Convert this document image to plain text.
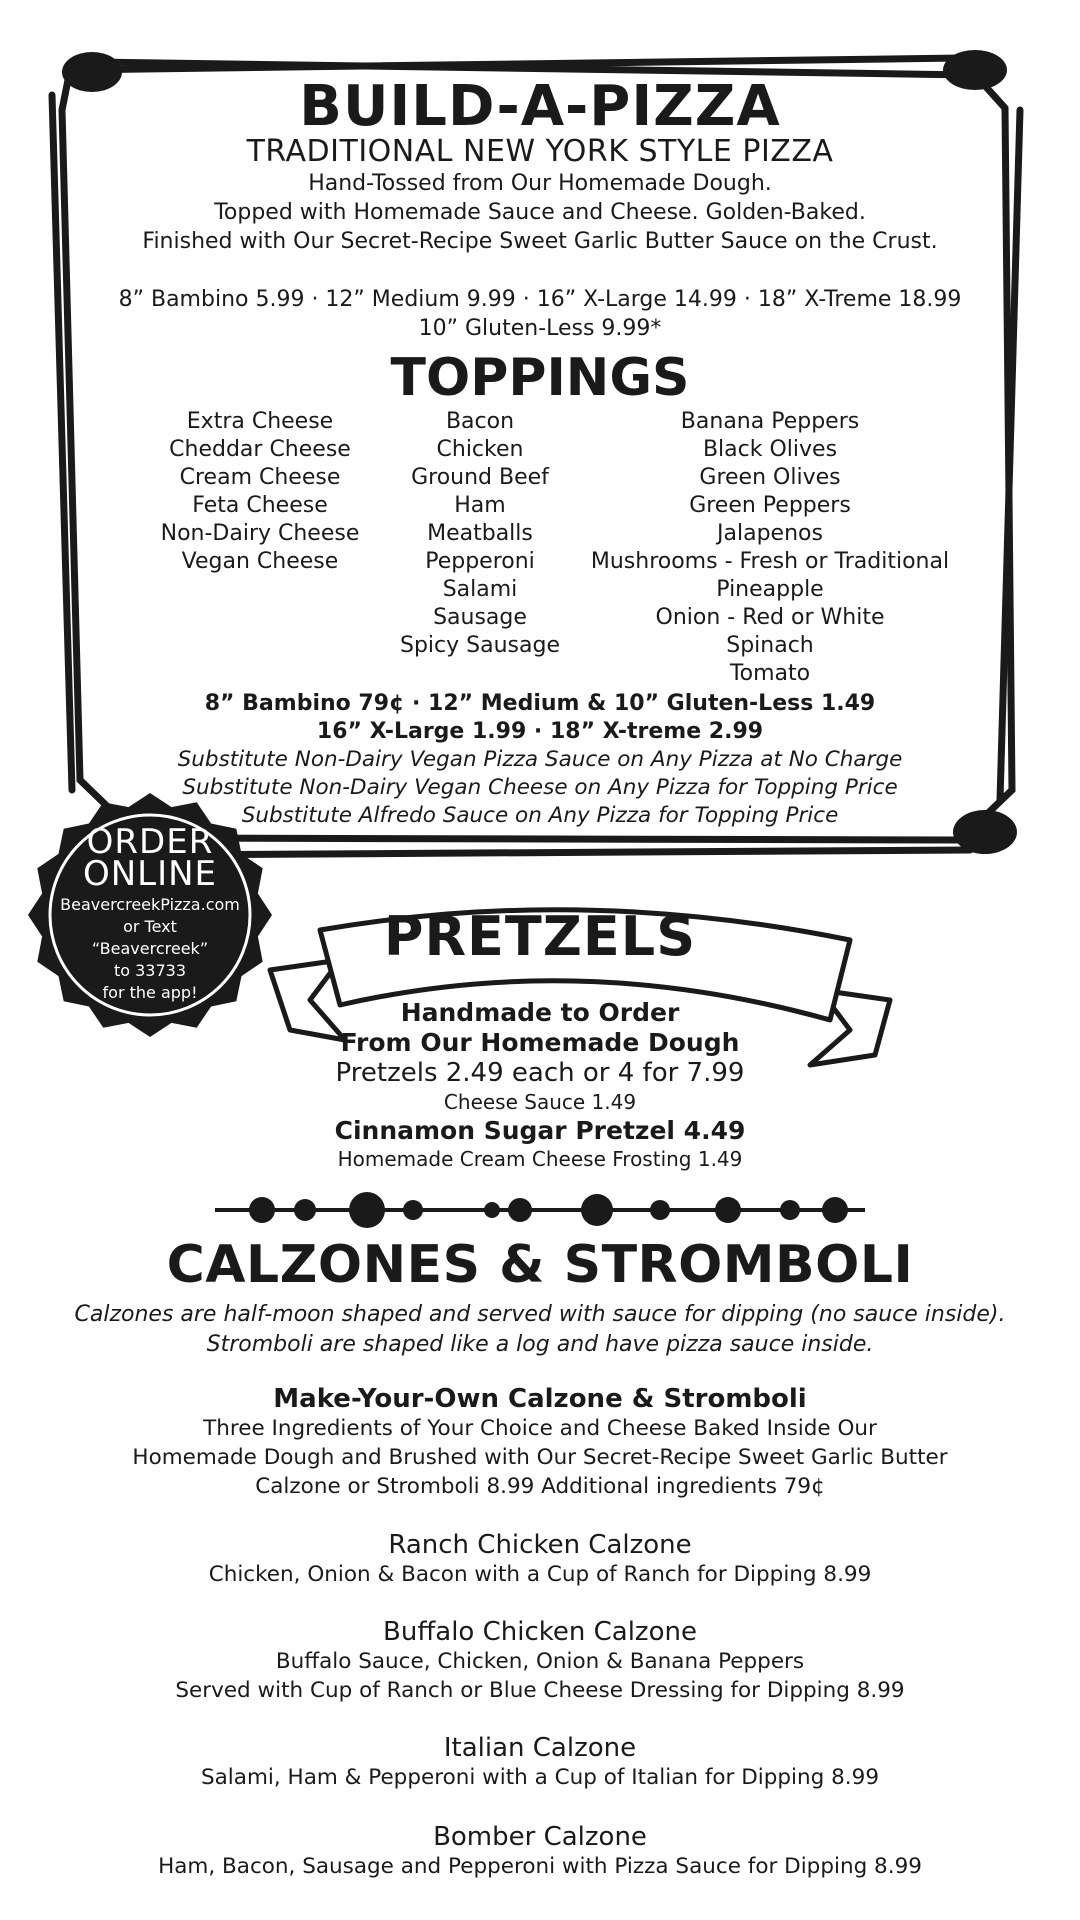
BUILD-A-PIZZA
TRADITIONAL NEW YORK STYLE PIZZA
Hand-Tossed from Our Homemade Dough.
Topped with Homemade Sauce and Cheese. Golden-Baked.
Finished with Our Secret-Recipe Sweet Garlic Butter Sauce on the Crust.
8” Bambino 5.99 · 12” Medium 9.99 · 16” X-Large 14.99 · 18” X-Treme 18.99
10” Gluten-Less 9.99*
TOPPINGS
Extra Cheese
Cheddar Cheese
Cream Cheese
Feta Cheese
Non-Dairy Cheese
Vegan Cheese
Bacon
Chicken
Ground Beef
Ham
Meatballs
Pepperoni
Salami
Sausage
Spicy Sausage
Banana Peppers
Black Olives
Green Olives
Green Peppers
Jalapenos
Mushrooms - Fresh or Traditional
Pineapple
Onion - Red or White
Spinach
Tomato
8” Bambino 79¢ · 12” Medium & 10” Gluten-Less 1.49
16” X-Large 1.99 · 18” X-treme 2.99
Substitute Non-Dairy Vegan Pizza Sauce on Any Pizza at No Charge
Substitute Non-Dairy Vegan Cheese on Any Pizza for Topping Price
Substitute Alfredo Sauce on Any Pizza for Topping Price
ORDER
ONLINE
BeavercreekPizza.com
or Text
“Beavercreek”
to 33733
for the app!
PRETZELS
Handmade to Order
From Our Homemade Dough
Pretzels 2.49 each or 4 for 7.99
Cheese Sauce 1.49
Cinnamon Sugar Pretzel 4.49
Homemade Cream Cheese Frosting 1.49
CALZONES & STROMBOLI
Calzones are half-moon shaped and served with sauce for dipping (no sauce inside).
Stromboli are shaped like a log and have pizza sauce inside.
Make-Your-Own Calzone & Stromboli
Three Ingredients of Your Choice and Cheese Baked Inside Our
Homemade Dough and Brushed with Our Secret-Recipe Sweet Garlic Butter
Calzone or Stromboli 8.99 Additional ingredients 79¢
Ranch Chicken Calzone
Chicken, Onion & Bacon with a Cup of Ranch for Dipping 8.99
Buffalo Chicken Calzone
Buffalo Sauce, Chicken, Onion & Banana Peppers
Served with Cup of Ranch or Blue Cheese Dressing for Dipping 8.99
Italian Calzone
Salami, Ham & Pepperoni with a Cup of Italian for Dipping 8.99
Bomber Calzone
Ham, Bacon, Sausage and Pepperoni with Pizza Sauce for Dipping 8.99
